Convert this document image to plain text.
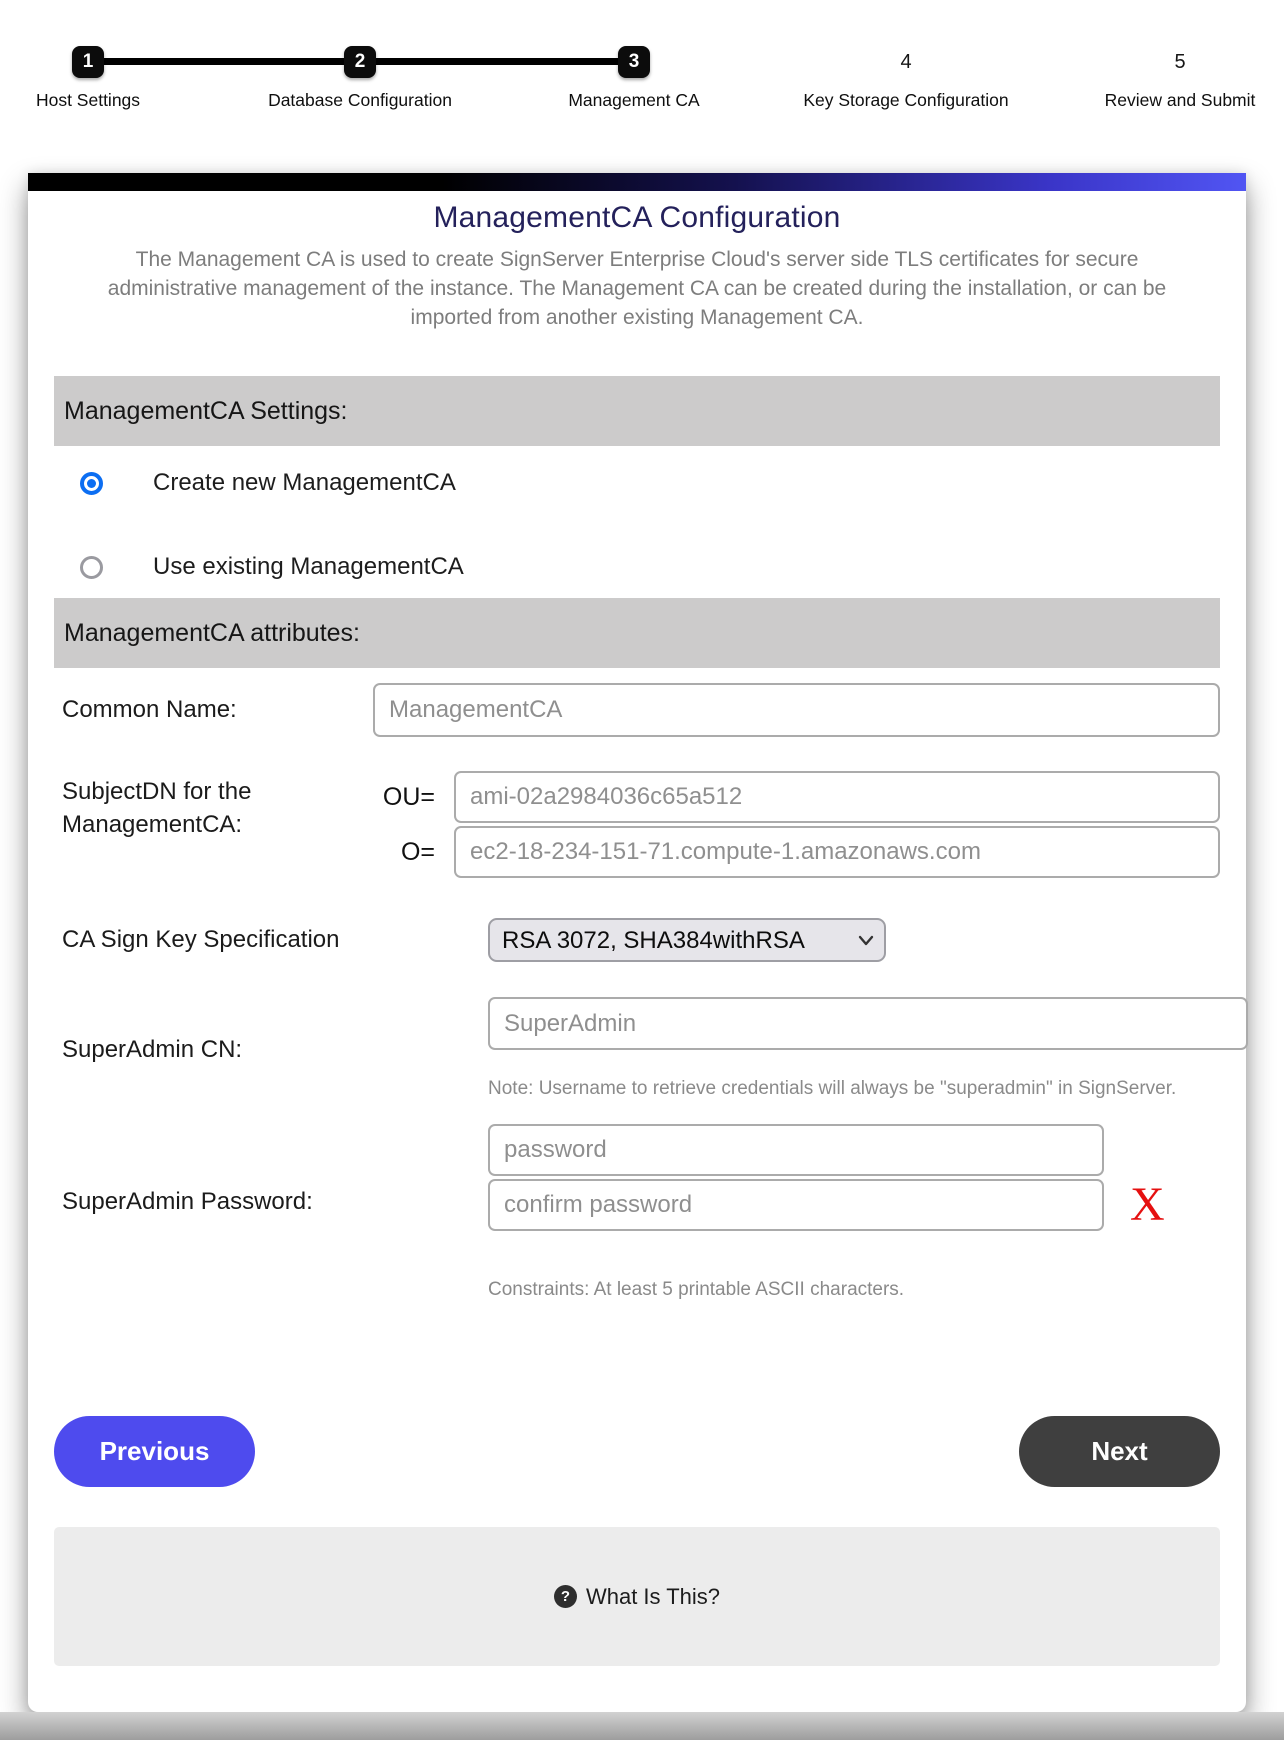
1
Host Settings
2
Database Configuration
3
Management CA
4
Key Storage Configuration
5
Review and Submit
ManagementCA Configuration

The Management CA is used to create SignServer Enterprise Cloud's server side TLS certificates for secure administrative management of the instance. The Management CA can be created during the installation, or can be imported from another existing Management CA.

ManagementCA Settings:
Create new ManagementCA
Use existing ManagementCA
ManagementCA attributes:
Common Name:
ManagementCA
SubjectDN for the
ManagementCA:
OU=
ami-02a2984036c65a512
O=
ec2-18-234-151-71.compute-1.amazonaws.com
CA Sign Key Specification
RSA 3072, SHA384withRSA
SuperAdmin CN:
SuperAdmin
Note: Username to retrieve credentials will always be "superadmin" in SignServer.
SuperAdmin Password:	X
Constraints: At least 5 printable ASCII characters.
Previous	Next
? What Is This?
